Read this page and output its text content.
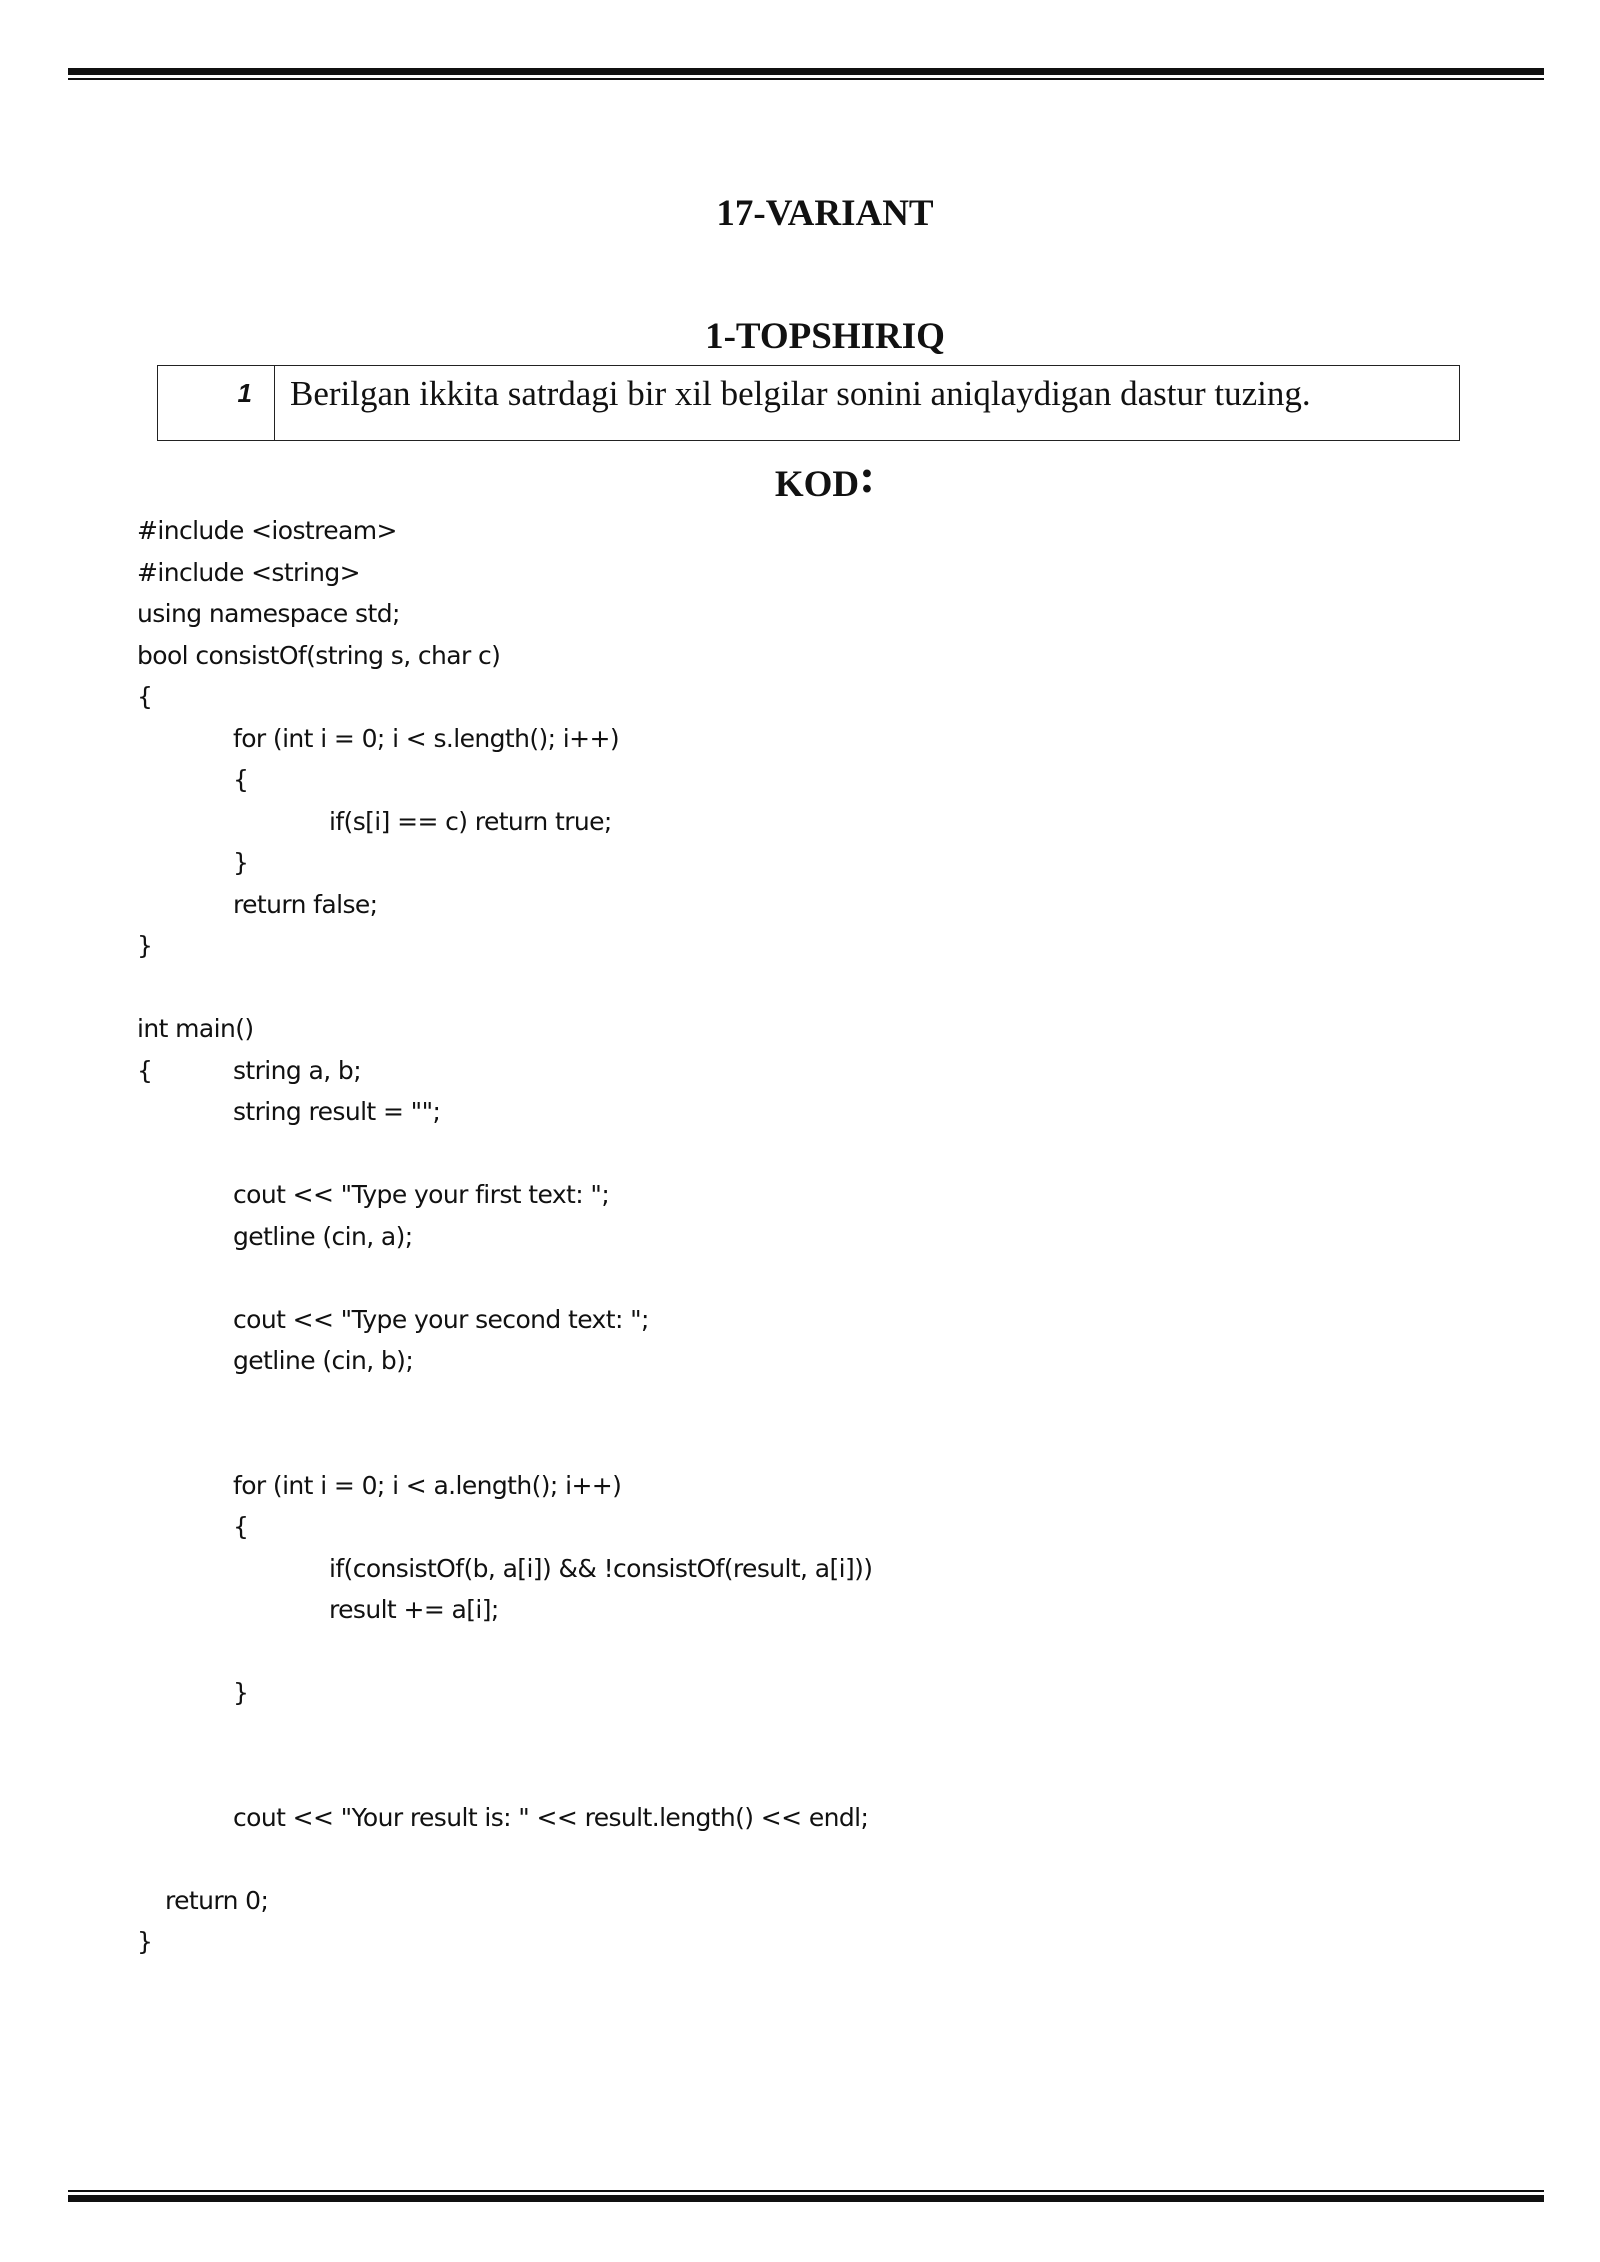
17-VARIANT
1-TOPSHIRIQ
1	Berilgan ikkita satrdagi bir xil belgilar sonini aniqlaydigan dastur tuzing.
KOD:
#include <iostream>
#include <string>
using namespace std;
bool consistOf(string s, char c)
{
for (int i = 0; i < s.length(); i++)
{
if(s[i] == c) return true;
}
return false;
}
int main()
{	string a, b;
string result = "";
cout << "Type your first text: ";
getline (cin, a);
cout << "Type your second text: ";
getline (cin, b);
for (int i = 0; i < a.length(); i++)
{
if(consistOf(b, a[i]) && !consistOf(result, a[i]))
result += a[i];
}
cout << "Your result is: " << result.length() << endl;
return 0;
}
